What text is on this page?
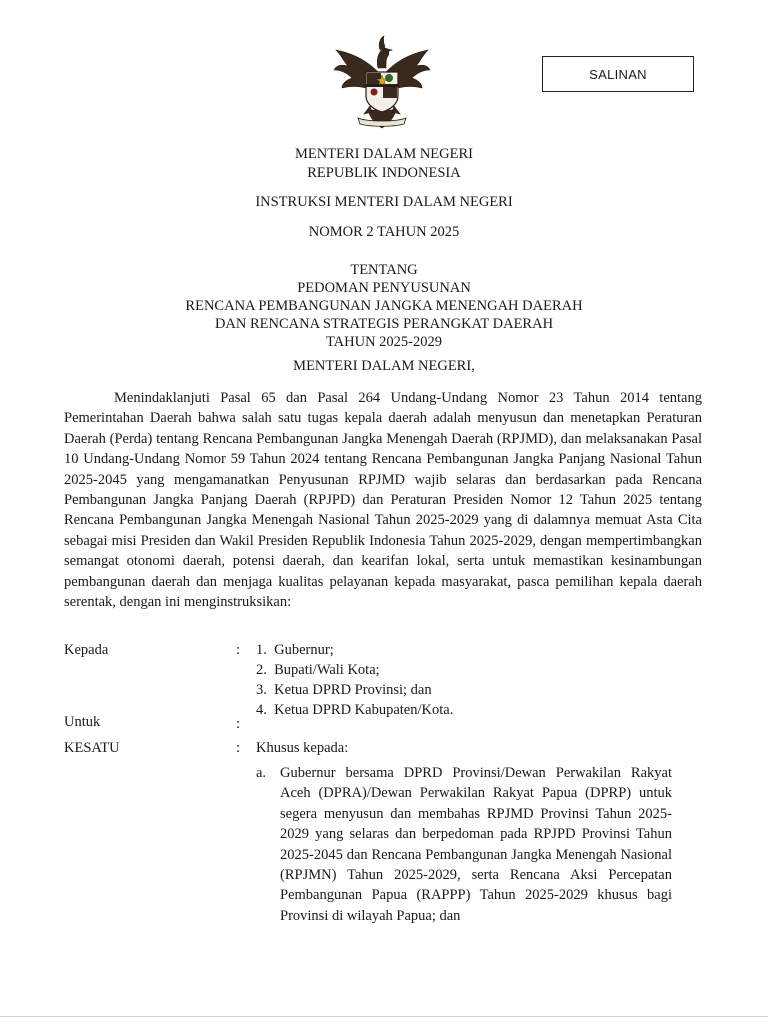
SALINAN
MENTERI DALAM NEGERI
REPUBLIK INDONESIA
INSTRUKSI MENTERI DALAM NEGERI
NOMOR 2 TAHUN 2025
TENTANG
PEDOMAN PENYUSUNAN
RENCANA PEMBANGUNAN JANGKA MENENGAH DAERAH
DAN RENCANA STRATEGIS PERANGKAT DAERAH
TAHUN 2025-2029
MENTERI DALAM NEGERI,

Menindaklanjuti Pasal 65 dan Pasal 264 Undang-Undang Nomor 23 Tahun 2014 tentang Pemerintahan Daerah bahwa salah satu tugas kepala daerah adalah menyusun dan menetapkan Peraturan Daerah (Perda) tentang Rencana Pembangunan Jangka Menengah Daerah (RPJMD), dan melaksanakan Pasal 10 Undang-Undang Nomor 59 Tahun 2024 tentang Rencana Pembangunan Jangka Panjang Nasional Tahun 2025-2045 yang mengamanatkan Penyusunan RPJMD wajib selaras dan berdasarkan pada Rencana Pembangunan Jangka Panjang Daerah (RPJPD) dan Peraturan Presiden Nomor 12 Tahun 2025 tentang Rencana Pembangunan Jangka Menengah Nasional Tahun 2025-2029 yang di dalamnya memuat Asta Cita sebagai misi Presiden dan Wakil Presiden Republik Indonesia Tahun 2025-2029, dengan mempertimbangkan semangat otonomi daerah, potensi daerah, dan kearifan lokal, serta untuk memastikan kesinambungan pembangunan daerah dan menjaga kualitas pelayanan kepada masyarakat, pasca pemilihan kepala daerah serentak, dengan ini menginstruksikan:

Kepada	: 1. Gubernur;
2. Bupati/Wali Kota;
3. Ketua DPRD Provinsi; dan
4. Ketua DPRD Kabupaten/Kota.
Untuk	:
KESATU	: Khusus kepada:
a. Gubernur bersama DPRD Provinsi/Dewan Perwakilan Rakyat Aceh (DPRA)/Dewan Perwakilan Rakyat Papua (DPRP) untuk segera menyusun dan membahas RPJMD Provinsi Tahun 2025-2029 yang selaras dan berpedoman pada RPJPD Provinsi Tahun 2025-2045 dan Rencana Pembangunan Jangka Menengah Nasional (RPJMN) Tahun 2025-2029, serta Rencana Aksi Percepatan Pembangunan Papua (RAPPP) Tahun 2025-2029 khusus bagi Provinsi di wilayah Papua; dan
